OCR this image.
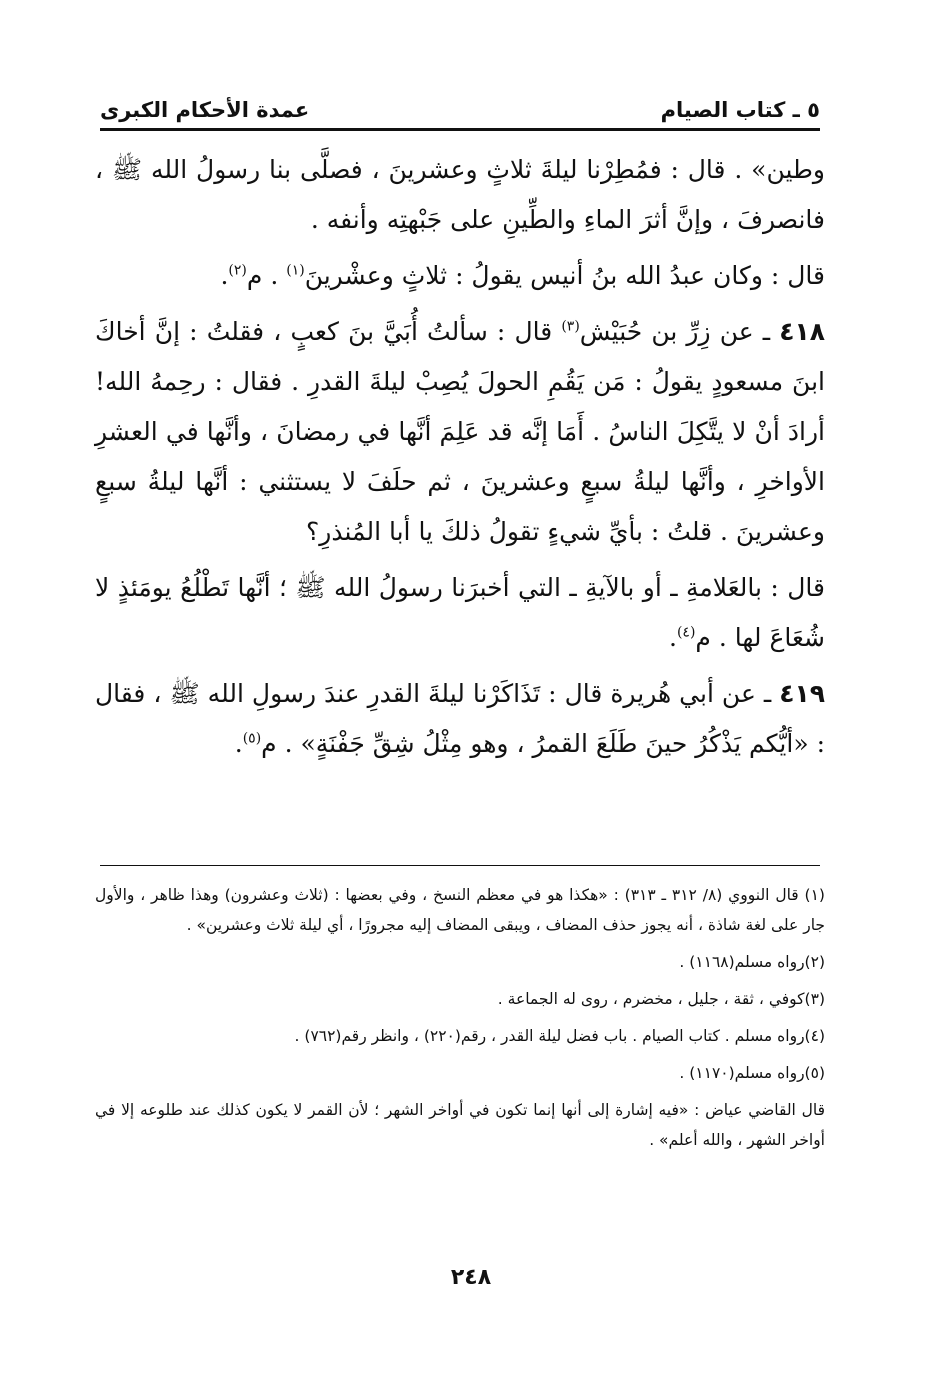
٥ ـ كتاب الصيام
عمدة الأحكام الكبرى

وطين» . قال : فمُطِرْنا ليلةَ ثلاثٍ وعشرينَ ، فصلَّى بنا رسولُ الله ﷺ ، فانصرفَ ، وإنَّ أثرَ الماءِ والطِّينِ على جَبْهتِه وأنفه .

قال : وكان عبدُ الله بنُ أنيس يقولُ : ثلاثٍ وعشْرينَ$^{(١)}$ . م$^{(٢)}$.

٤١٨ ـ عن زِرِّ بن حُبَيْش$^{(٣)}$ قال : سألتُ أُبَيَّ بنَ كعبٍ ، فقلتُ : إنَّ أخاكَ ابنَ مسعودٍ يقولُ : مَن يَقُمِ الحولَ يُصِبْ ليلةَ القدرِ . فقال : رحِمهُ الله! أرادَ أنْ لا يتَّكِلَ الناسُ . أَمَا إنَّه قد عَلِمَ أنَّها في رمضانَ ، وأنَّها في العشرِ الأواخرِ ، وأنَّها ليلةُ سبعٍ وعشرينَ ، ثم حلَفَ لا يستثني : أنَّها ليلةُ سبعٍ وعشرينَ . قلتُ : بأيِّ شيءٍ تقولُ ذلكَ يا أبا المُنذرِ؟

قال : بالعَلامةِ ـ أو بالآيةِ ـ التي أخبرَنا رسولُ الله ﷺ ؛ أنَّها تَطْلُعُ يومَئذٍ لا شُعَاعَ لها . م$^{(٤)}$.

٤١٩ ـ عن أبي هُريرة قال : تَذَاكَرْنا ليلةَ القدرِ عندَ رسولِ الله ﷺ ، فقال : «أيُّكم يَذْكُرُ حينَ طَلَعَ القمرُ ، وهو مِثْلُ شِقِّ جَفْنَةٍ» . م$^{(٥)}$.

(١) قال النووي (٨/ ٣١٢ ـ ٣١٣) : «هكذا هو في معظم النسخ ، وفي بعضها : (ثلاث وعشرون) وهذا ظاهر ، والأول جار على لغة شاذة ، أنه يجوز حذف المضاف ، ويبقى المضاف إليه مجرورًا ، أي ليلة ثلاث وعشرين» .

(٢)رواه مسلم(١١٦٨) .

(٣)كوفي ، ثقة ، جليل ، مخضرم ، روى له الجماعة .

(٤)رواه مسلم . كتاب الصيام . باب فضل ليلة القدر ، رقم(٢٢٠) ، وانظر رقم(٧٦٢) .

(٥)رواه مسلم(١١٧٠) .

قال القاضي عياض : «فيه إشارة إلى أنها إنما تكون في أواخر الشهر ؛ لأن القمر لا يكون كذلك عند طلوعه إلا في أواخر الشهر ، والله أعلم» .

٢٤٨
